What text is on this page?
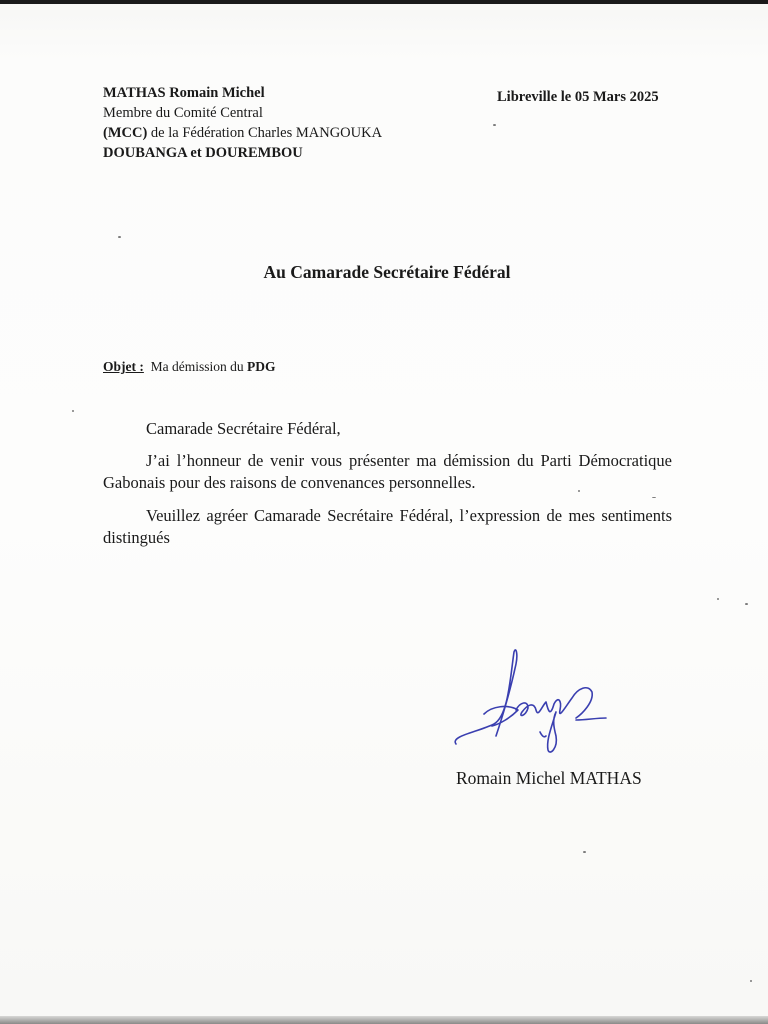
MATHAS Romain Michel
Membre du Comité Central
(MCC) de la Fédération Charles MANGOUKA
DOUBANGA et DOUREMBOU
Libreville le 05 Mars 2025
Au Camarade Secrétaire Fédéral
Objet : Ma démission du PDG

Camarade Secrétaire Fédéral,

J’ai l’honneur de venir vous présenter ma démission du Parti Démocratique Gabonais pour des raisons de convenances personnelles.

Veuillez agréer Camarade Secrétaire Fédéral, l’expression de mes sentiments distingués

Romain Michel MATHAS
